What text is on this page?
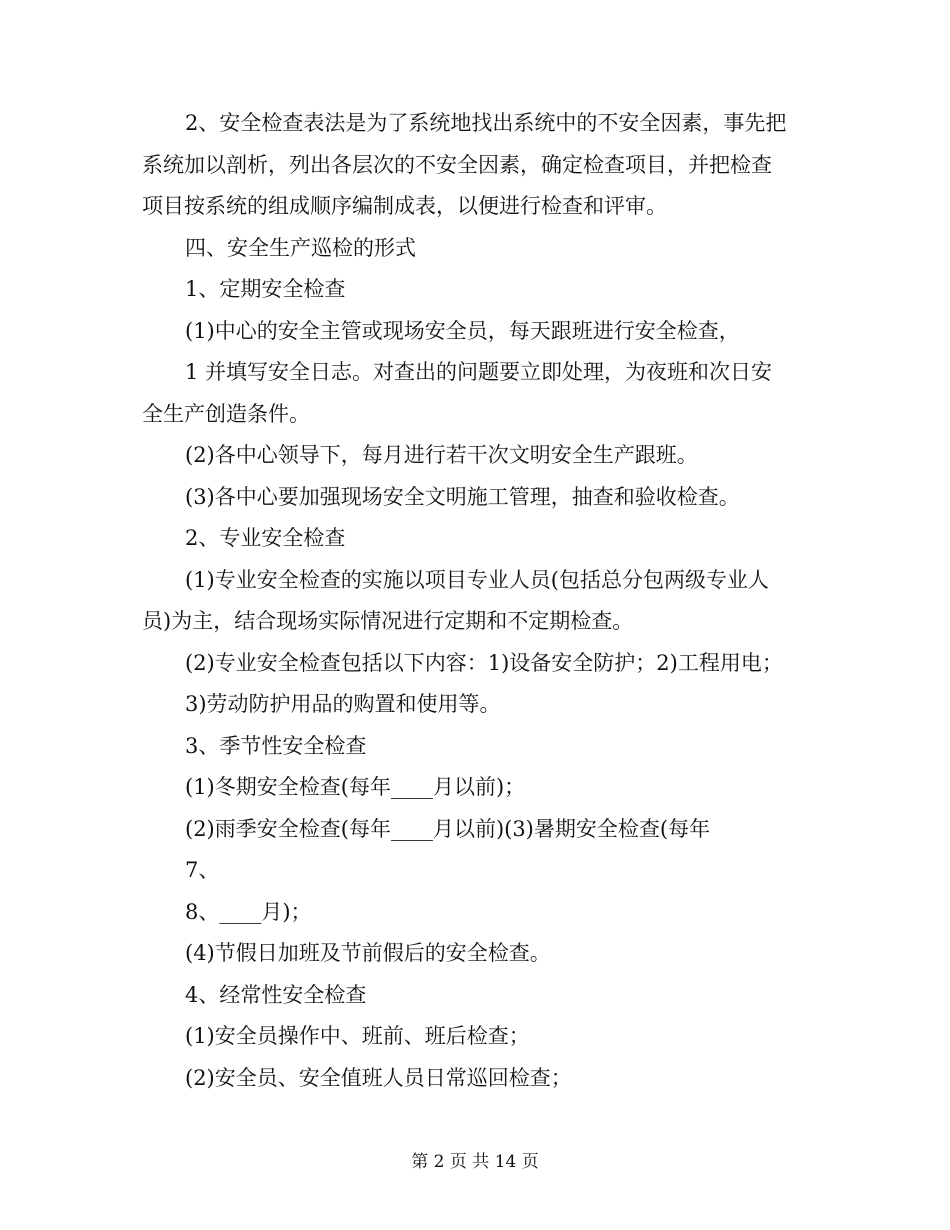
2、安全检查表法是为了系统地找出系统中的不安全因素，事先把
系统加以剖析，列出各层次的不安全因素，确定检查项目，并把检查
项目按系统的组成顺序编制成表，以便进行检查和评审。
四、安全生产巡检的形式
1、定期安全检查
(1)中心的安全主管或现场安全员，每天跟班进行安全检查，
1 并填写安全日志。对查出的问题要立即处理，为夜班和次日安
全生产创造条件。
(2)各中心领导下，每月进行若干次文明安全生产跟班。
(3)各中心要加强现场安全文明施工管理，抽查和验收检查。
2、专业安全检查
(1)专业安全检查的实施以项目专业人员(包括总分包两级专业人
员)为主，结合现场实际情况进行定期和不定期检查。
(2)专业安全检查包括以下内容：1)设备安全防护；2)工程用电；
3)劳动防护用品的购置和使用等。
3、季节性安全检查
(1)冬期安全检查(每年____月以前)；
(2)雨季安全检查(每年____月以前)(3)暑期安全检查(每年
7、
8、____月)；
(4)节假日加班及节前假后的安全检查。
4、经常性安全检查
(1)安全员操作中、班前、班后检查；
(2)安全员、安全值班人员日常巡回检查；
第 2 页 共 14 页
